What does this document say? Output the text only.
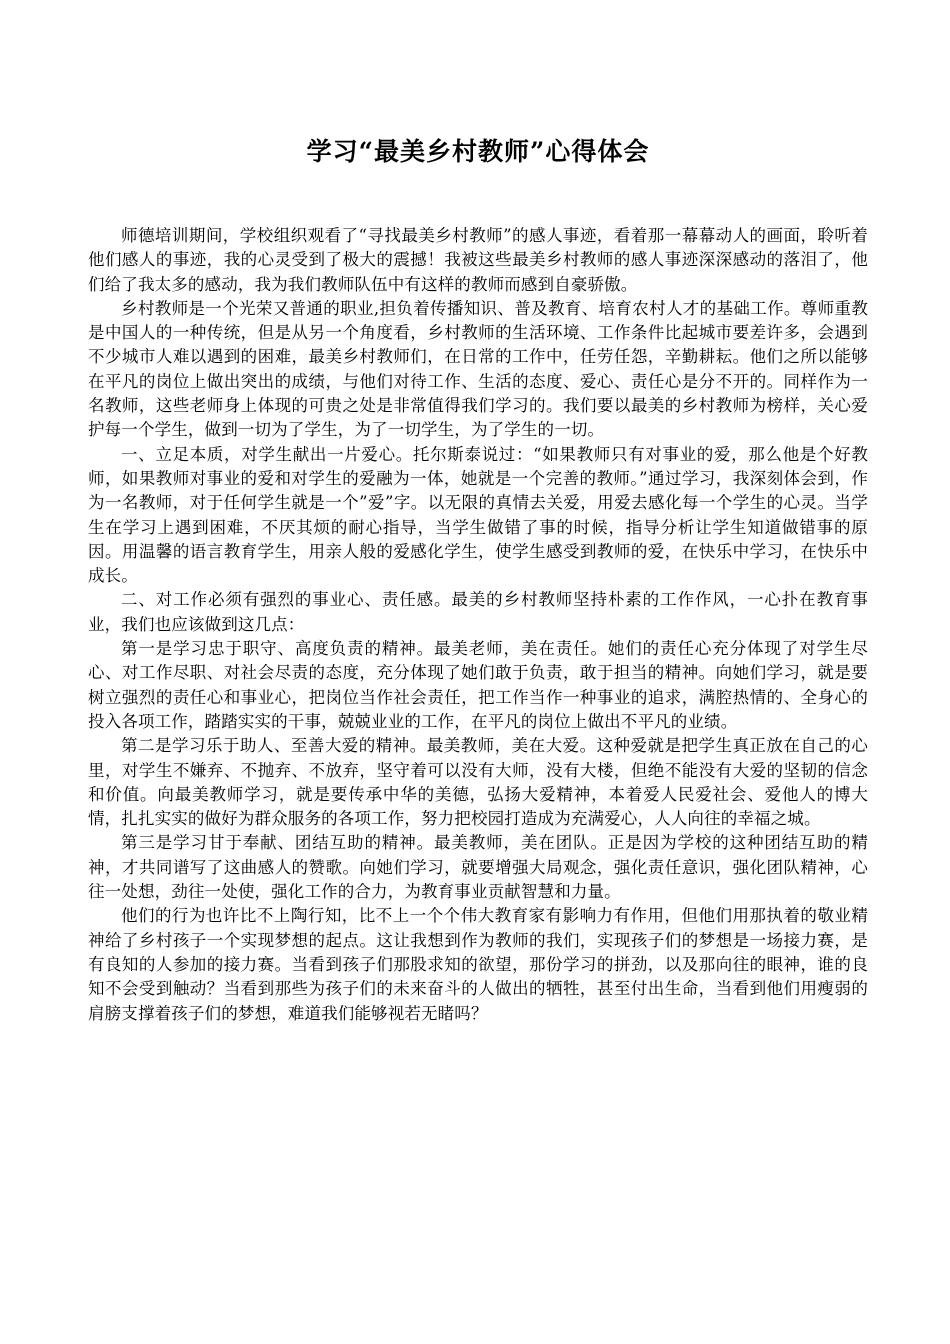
学习“最美乡村教师”心得体会

师德培训期间，学校组织观看了“寻找最美乡村教师”的感人事迹，看着那一幕幕动人的画面，聆听着他们感人的事迹，我的心灵受到了极大的震撼！我被这些最美乡村教师的感人事迹深深感动的落泪了，他们给了我太多的感动，我为我们教师队伍中有这样的教师而感到自豪骄傲。

乡村教师是一个光荣又普通的职业,担负着传播知识、普及教育、培育农村人才的基础工作。尊师重教是中国人的一种传统，但是从另一个角度看，乡村教师的生活环境、工作条件比起城市要差许多，会遇到不少城市人难以遇到的困难，最美乡村教师们，在日常的工作中，任劳任怨，辛勤耕耘。他们之所以能够在平凡的岗位上做出突出的成绩，与他们对待工作、生活的态度、爱心、责任心是分不开的。同样作为一名教师，这些老师身上体现的可贵之处是非常值得我们学习的。我们要以最美的乡村教师为榜样，关心爱护每一个学生，做到一切为了学生，为了一切学生，为了学生的一切。

一、立足本质，对学生献出一片爱心。托尔斯泰说过：“如果教师只有对事业的爱，那么他是个好教师，如果教师对事业的爱和对学生的爱融为一体，她就是一个完善的教师。”通过学习，我深刻体会到，作为一名教师，对于任何学生就是一个”爱”字。以无限的真情去关爱，用爱去感化每一个学生的心灵。当学生在学习上遇到困难，不厌其烦的耐心指导，当学生做错了事的时候，指导分析让学生知道做错事的原因。用温馨的语言教育学生，用亲人般的爱感化学生，使学生感受到教师的爱，在快乐中学习，在快乐中成长。

二、对工作必须有强烈的事业心、责任感。最美的乡村教师坚持朴素的工作作风，一心扑在教育事业，我们也应该做到这几点：

第一是学习忠于职守、高度负责的精神。最美老师，美在责任。她们的责任心充分体现了对学生尽心、对工作尽职、对社会尽责的态度，充分体现了她们敢于负责，敢于担当的精神。向她们学习，就是要树立强烈的责任心和事业心，把岗位当作社会责任，把工作当作一种事业的追求，满腔热情的、全身心的投入各项工作，踏踏实实的干事，兢兢业业的工作，在平凡的岗位上做出不平凡的业绩。

第二是学习乐于助人、至善大爱的精神。最美教师，美在大爱。这种爱就是把学生真正放在自己的心里，对学生不嫌弃、不抛弃、不放弃，坚守着可以没有大师，没有大楼，但绝不能没有大爱的坚韧的信念和价值。向最美教师学习，就是要传承中华的美德，弘扬大爱精神，本着爱人民爱社会、爱他人的博大情，扎扎实实的做好为群众服务的各项工作，努力把校园打造成为充满爱心，人人向往的幸福之城。

第三是学习甘于奉献、团结互助的精神。最美教师，美在团队。正是因为学校的这种团结互助的精神，才共同谱写了这曲感人的赞歌。向她们学习，就要增强大局观念，强化责任意识，强化团队精神，心往一处想，劲往一处使，强化工作的合力，为教育事业贡献智慧和力量。

他们的行为也许比不上陶行知，比不上一个个伟大教育家有影响力有作用，但他们用那执着的敬业精神给了乡村孩子一个实现梦想的起点。这让我想到作为教师的我们，实现孩子们的梦想是一场接力赛，是有良知的人参加的接力赛。当看到孩子们那股求知的欲望，那份学习的拼劲，以及那向往的眼神，谁的良知不会受到触动？当看到那些为孩子们的未来奋斗的人做出的牺牲，甚至付出生命，当看到他们用瘦弱的肩膀支撑着孩子们的梦想，难道我们能够视若无睹吗？
